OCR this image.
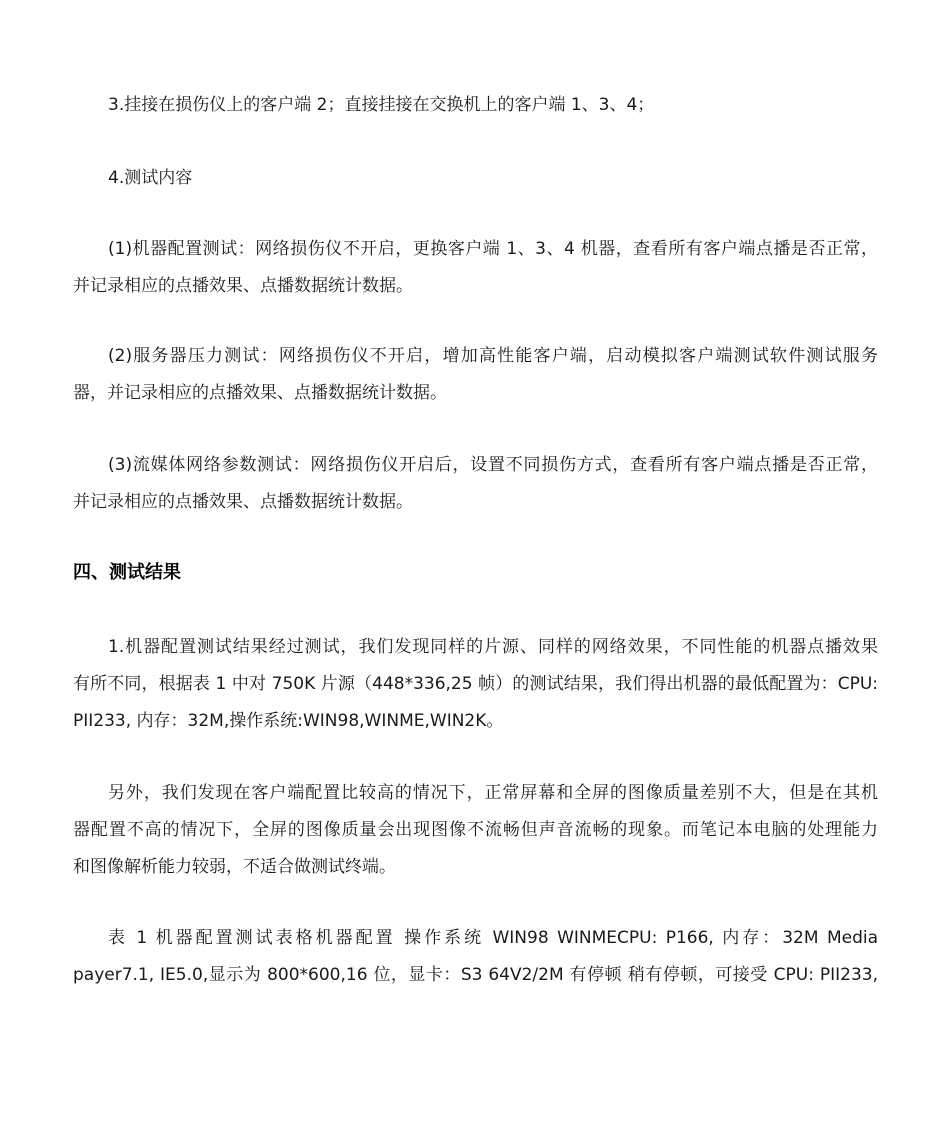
3.挂接在损伤仪上的客户端 2；直接挂接在交换机上的客户端 1、3、4；
4.测试内容
(1)机器配置测试：网络损伤仪不开启，更换客户端 1、3、4 机器，查看所有客户端点播是否正常，
并记录相应的点播效果、点播数据统计数据。
(2)服务器压力测试：网络损伤仪不开启，增加高性能客户端，启动模拟客户端测试软件测试服务
器，并记录相应的点播效果、点播数据统计数据。
(3)流媒体网络参数测试：网络损伤仪开启后，设置不同损伤方式，查看所有客户端点播是否正常，
并记录相应的点播效果、点播数据统计数据。
四、测试结果
1.机器配置测试结果经过测试，我们发现同样的片源、同样的网络效果，不同性能的机器点播效果
有所不同，根据表 1 中对 750K 片源（448*336,25 帧）的测试结果，我们得出机器的最低配置为：CPU:
PII233, 内存：32M,操作系统:WIN98,WINME,WIN2K。
另外，我们发现在客户端配置比较高的情况下，正常屏幕和全屏的图像质量差别不大，但是在其机
器配置不高的情况下，全屏的图像质量会出现图像不流畅但声音流畅的现象。而笔记本电脑的处理能力
和图像解析能力较弱，不适合做测试终端。
表 1 机器配置测试表格机器配置 操作系统 WIN98 WINMECPU: P166, 内存：32M Media
payer7.1, IE5.0,显示为 800*600,16 位，显卡：S3 64V2/2M 有停顿 稍有停顿，可接受 CPU: PII233,
